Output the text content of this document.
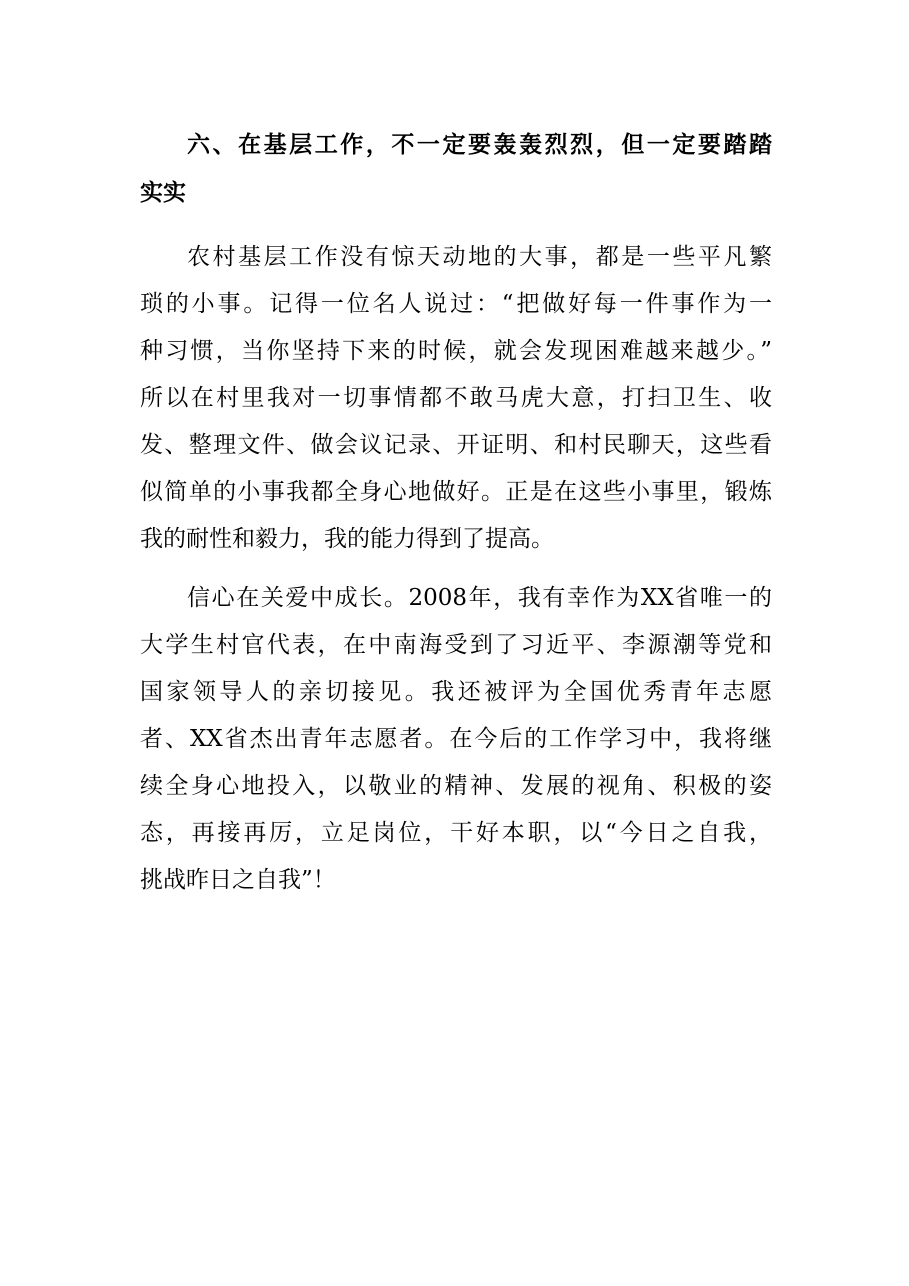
六、在基层工作，不一定要轰轰烈烈，但一定要踏踏
实实
农村基层工作没有惊天动地的大事，都是一些平凡繁
琐的小事。记得一位名人说过：“把做好每一件事作为一
种习惯，当你坚持下来的时候，就会发现困难越来越少。”
所以在村里我对一切事情都不敢马虎大意，打扫卫生、收
发、整理文件、做会议记录、开证明、和村民聊天，这些看
似简单的小事我都全身心地做好。正是在这些小事里，锻炼
我的耐性和毅力，我的能力得到了提高。
信心在关爱中成长。2008年，我有幸作为XX省唯一的
大学生村官代表，在中南海受到了习近平、李源潮等党和
国家领导人的亲切接见。我还被评为全国优秀青年志愿
者、XX省杰出青年志愿者。在今后的工作学习中，我将继
续全身心地投入，以敬业的精神、发展的视角、积极的姿
态，再接再厉，立足岗位，干好本职，以“今日之自我，
挑战昨日之自我”！
